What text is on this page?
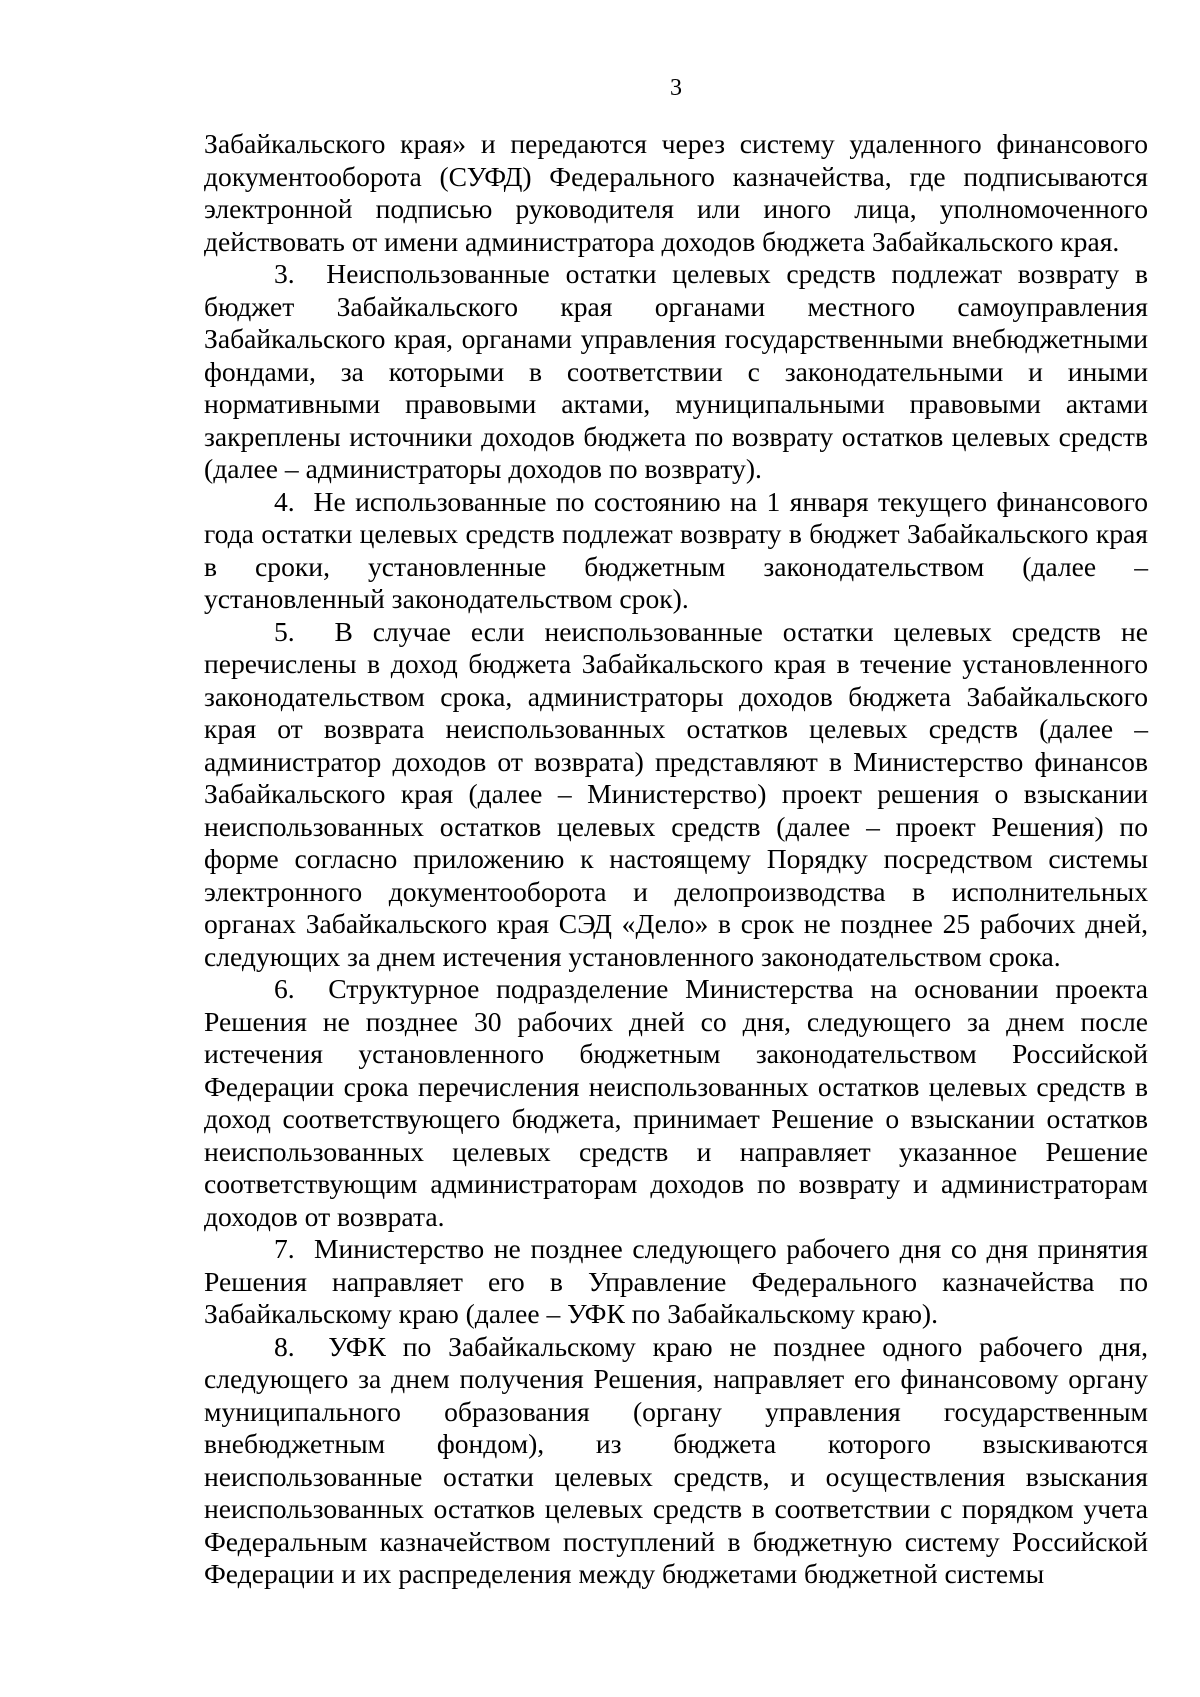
3

Забайкальского края» и передаются через систему удаленного финансового документооборота (СУФД) Федерального казначейства, где подписываются электронной подписью руководителя или иного лица, уполномоченного действовать от имени администратора доходов бюджета Забайкальского края.

3.  Неиспользованные остатки целевых средств подлежат возврату в бюджет Забайкальского края органами местного самоуправления Забайкальского края, органами управления государственными внебюджетными фондами, за которыми в соответствии с законодательными и иными нормативными правовыми актами, муниципальными правовыми актами закреплены источники доходов бюджета по возврату остатков целевых средств (далее – администраторы доходов по возврату).

4.  Не использованные по состоянию на 1 января текущего финансового года остатки целевых средств подлежат возврату в бюджет Забайкальского края в сроки, установленные бюджетным законодательством (далее – установленный законодательством срок).

5.  В случае если неиспользованные остатки целевых средств не перечислены в доход бюджета Забайкальского края в течение установленного законодательством срока, администраторы доходов бюджета Забайкальского края от возврата неиспользованных остатков целевых средств (далее – администратор доходов от возврата) представляют в Министерство финансов Забайкальского края (далее – Министерство) проект решения о взыскании неиспользованных остатков целевых средств (далее – проект Решения) по форме согласно приложению к настоящему Порядку посредством системы электронного документооборота и делопроизводства в исполнительных органах Забайкальского края СЭД «Дело» в срок не позднее 25 рабочих дней, следующих за днем истечения установленного законодательством срока.

6.  Структурное подразделение Министерства на основании проекта Решения не позднее 30 рабочих дней со дня, следующего за днем после истечения установленного бюджетным законодательством Российской Федерации срока перечисления неиспользованных остатков целевых средств в доход соответствующего бюджета, принимает Решение о взыскании остатков неиспользованных целевых средств и направляет указанное Решение соответствующим администраторам доходов по возврату и администраторам доходов от возврата.

7.  Министерство не позднее следующего рабочего дня со дня принятия Решения направляет его в Управление Федерального казначейства по Забайкальскому краю (далее – УФК по Забайкальскому краю).

8.  УФК по Забайкальскому краю не позднее одного рабочего дня, следующего за днем получения Решения, направляет его финансовому органу муниципального образования (органу управления государственным внебюджетным фондом), из бюджета которого взыскиваются неиспользованные остатки целевых средств, и осуществления взыскания неиспользованных остатков целевых средств в соответствии с порядком учета Федеральным казначейством поступлений в бюджетную систему Российской Федерации и их распределения между бюджетами бюджетной системы
